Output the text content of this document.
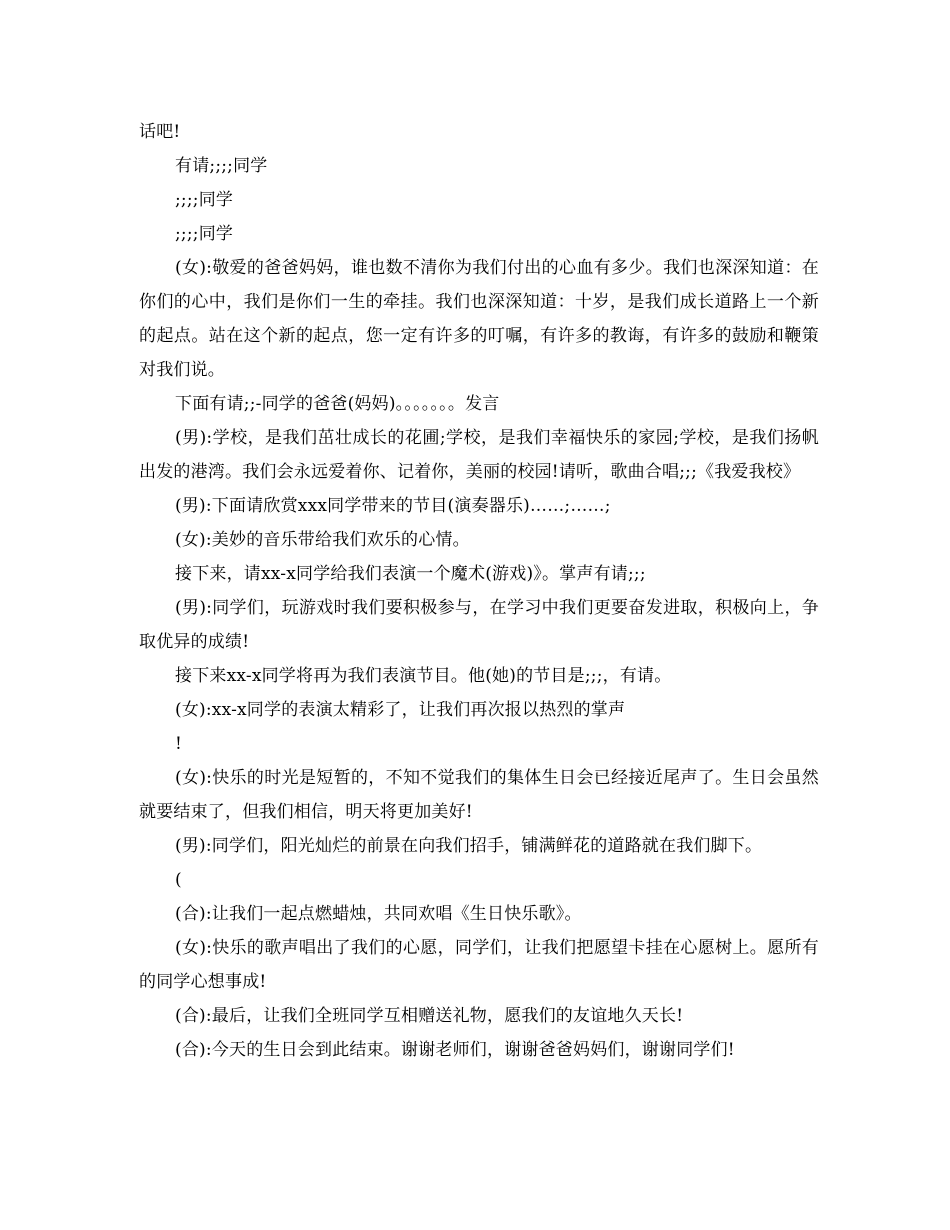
话吧!

有请;;;;同学

;;;;同学

;;;;同学

(女):敬爱的爸爸妈妈，谁也数不清你为我们付出的心血有多少。我们也深深知道：在你们的心中，我们是你们一生的牵挂。我们也深深知道：十岁，是我们成长道路上一个新的起点。站在这个新的起点，您一定有许多的叮嘱，有许多的教诲，有许多的鼓励和鞭策对我们说。

下面有请;;-同学的爸爸(妈妈)。。。。。。。发言

(男):学校，是我们茁壮成长的花圃;学校，是我们幸福快乐的家园;学校，是我们扬帆出发的港湾。我们会永远爱着你、记着你，美丽的校园!请听，歌曲合唱;;;《我爱我校》

(男):下面请欣赏xxx同学带来的节目(演奏器乐)……;……;

(女):美妙的音乐带给我们欢乐的心情。

接下来，请xx-x同学给我们表演一个魔术(游戏)》。掌声有请;;;

(男):同学们，玩游戏时我们要积极参与，在学习中我们更要奋发进取，积极向上，争取优异的成绩!

接下来xx-x同学将再为我们表演节目。他(她)的节目是;;;，有请。

(女):xx-x同学的表演太精彩了，让我们再次报以热烈的掌声

!

(女):快乐的时光是短暂的，不知不觉我们的集体生日会已经接近尾声了。生日会虽然就要结束了，但我们相信，明天将更加美好!

(男):同学们，阳光灿烂的前景在向我们招手，铺满鲜花的道路就在我们脚下。

(

(合):让我们一起点燃蜡烛，共同欢唱《生日快乐歌》。

(女):快乐的歌声唱出了我们的心愿，同学们，让我们把愿望卡挂在心愿树上。愿所有的同学心想事成!

(合):最后，让我们全班同学互相赠送礼物，愿我们的友谊地久天长!

(合):今天的生日会到此结束。谢谢老师们，谢谢爸爸妈妈们，谢谢同学们!
